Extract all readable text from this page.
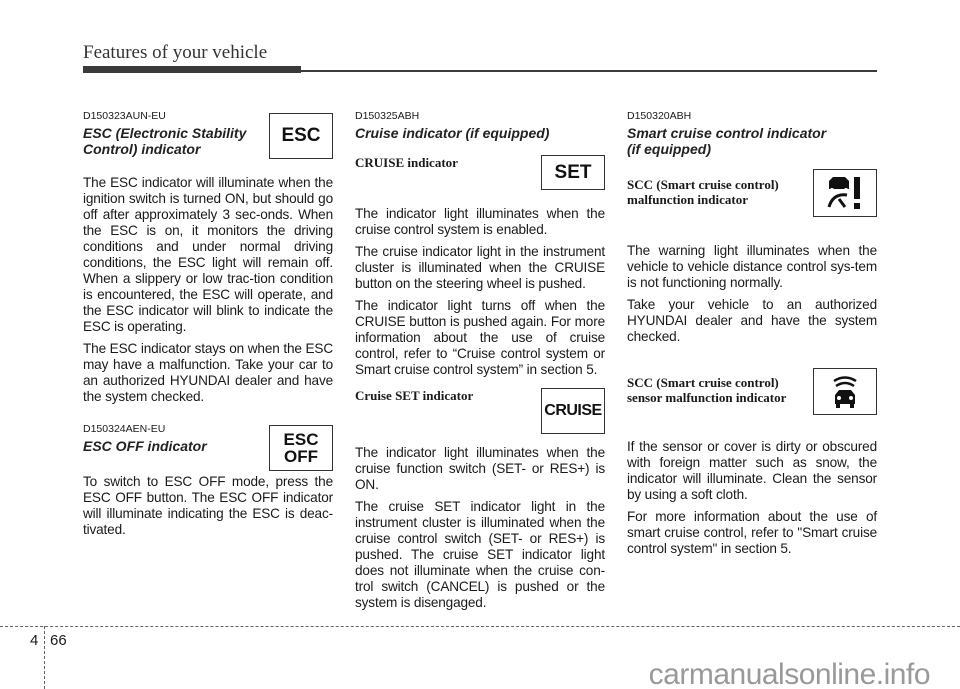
Features of your vehicle
ESC
D150323AUN-EU
ESC (Electronic Stability Control) indicator

The ESC indicator will illuminate when the ignition switch is turned ON, but should go off after approximately 3 sec-onds. When the ESC is on, it monitors the driving conditions and under normal driving conditions, the ESC light will remain off. When a slippery or low trac-tion condition is encountered, the ESC will operate, and the ESC indicator will blink to indicate the ESC is operating.

The ESC indicator stays on when the ESC may have a malfunction. Take your car to an authorized HYUNDAI dealer and have the system checked.

ESC
OFF
D150324AEN-EU
ESC OFF indicator

To switch to ESC OFF mode, press the ESC OFF button. The ESC OFF indicator will illuminate indicating the ESC is deac-tivated.

SET
D150325ABH
Cruise indicator (if equipped)
CRUISE indicator

The indicator light illuminates when the cruise control system is enabled.

The cruise indicator light in the instrument cluster is illuminated when the CRUISE button on the steering wheel is pushed.

The indicator light turns off when the CRUISE button is pushed again. For more information about the use of cruise control, refer to “Cruise control system or Smart cruise control system” in section 5.

CRUISE
Cruise SET indicator

The indicator light illuminates when the cruise function switch (SET- or RES+) is ON.

The cruise SET indicator light in the instrument cluster is illuminated when the cruise control switch (SET- or RES+) is pushed. The cruise SET indicator light does not illuminate when the cruise con-trol switch (CANCEL) is pushed or the system is disengaged.

D150320ABH
Smart cruise control indicator
(if equipped)
SCC (Smart cruise control)
malfunction indicator

The warning light illuminates when the vehicle to vehicle distance control sys-tem is not functioning normally.

Take your vehicle to an authorized HYUNDAI dealer and have the system checked.

SCC (Smart cruise control)
sensor malfunction indicator

If the sensor or cover is dirty or obscured with foreign matter such as snow, the indicator will illuminate. Clean the sensor by using a soft cloth.

For more information about the use of smart cruise control, refer to "Smart cruise control system" in section 5.

4 66
carmanualsonline.info
